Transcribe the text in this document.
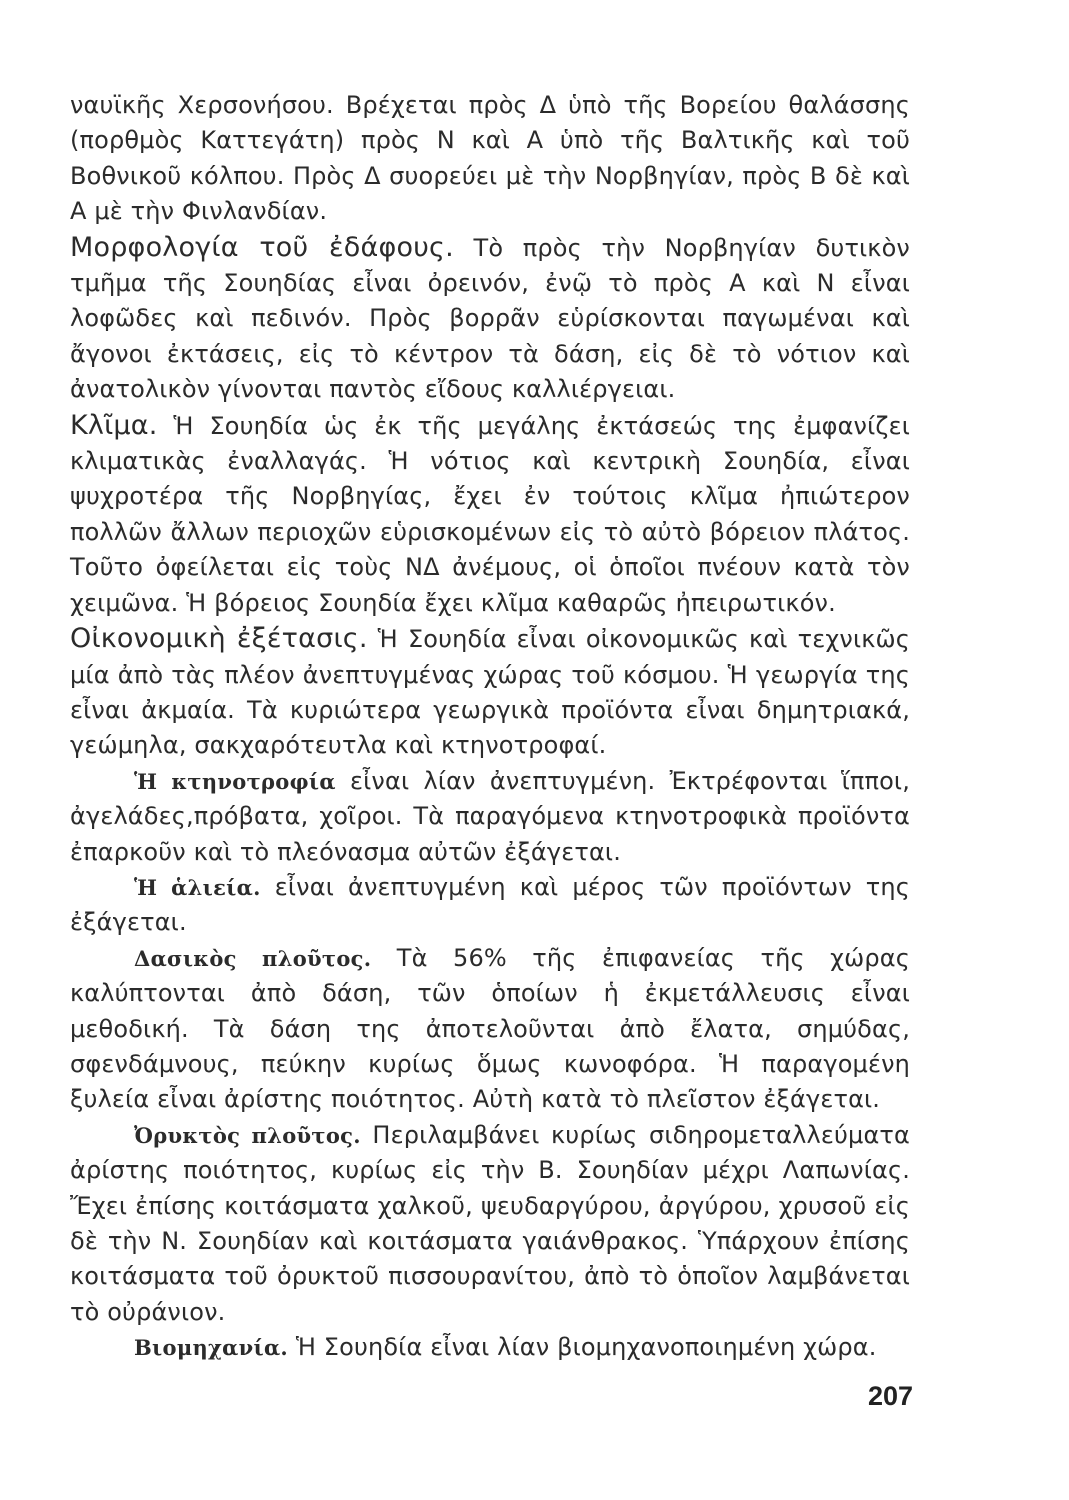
ναυϊκῆς Χερσονήσου. Βρέχεται πρὸς Δ ὑπὸ τῆς Βορείου θαλάσσης (πορθμὸς Καττεγάτη) πρὸς Ν καὶ Α ὑπὸ τῆς Βαλτικῆς καὶ τοῦ Βοθνικοῦ κόλπου. Πρὸς Δ συορεύει μὲ τὴν Νορβηγίαν, πρὸς Β δὲ καὶ Α μὲ τὴν Φινλανδίαν.

Μορφολογία τοῦ ἐδάφους. Τὸ πρὸς τὴν Νορβηγίαν δυτικὸν τμῆμα τῆς Σουηδίας εἶναι ὀρεινόν, ἐνῷ τὸ πρὸς Α καὶ Ν εἶναι λοφῶδες καὶ πεδινόν. Πρὸς βορρᾶν εὑρίσκονται παγωμέναι καὶ ἄγονοι ἐκτάσεις, εἰς τὸ κέντρον τὰ δάση, εἰς δὲ τὸ νότιον καὶ ἀνατολικὸν γίνονται παντὸς εἴδους καλλιέργειαι.

Κλῖμα. Ἡ Σουηδία ὡς ἐκ τῆς μεγάλης ἐκτάσεώς της ἐμφανίζει κλιματικὰς ἐναλλαγάς. Ἡ νότιος καὶ κεντρικὴ Σουηδία, εἶναι ψυχροτέρα τῆς Νορβηγίας, ἔχει ἐν τούτοις κλῖμα ἠπιώτερον πολλῶν ἄλλων περιοχῶν εὑρισκομένων εἰς τὸ αὐτὸ βόρειον πλάτος. Τοῦτο ὀφείλεται εἰς τοὺς ΝΔ ἀνέμους, οἱ ὁποῖοι πνέουν κατὰ τὸν χειμῶνα. Ἡ βόρειος Σουηδία ἔχει κλῖμα καθαρῶς ἠπειρωτικόν.

Οἰκονομικὴ ἐξέτασις. Ἡ Σουηδία εἶναι οἰκονομικῶς καὶ τεχνικῶς μία ἀπὸ τὰς πλέον ἀνεπτυγμένας χώρας τοῦ κόσμου. Ἡ γεωργία της εἶναι ἀκμαία. Τὰ κυριώτερα γεωργικὰ προϊόντα εἶναι δημητριακά, γεώμηλα, σακχαρότευτλα καὶ κτηνοτροφαί.

Ἡ κτηνοτροφία εἶναι λίαν ἀνεπτυγμένη. Ἐκτρέφονται ἵπποι, ἀγελάδες,πρόβατα, χοῖροι. Τὰ παραγόμενα κτηνοτροφικὰ προϊόντα ἐπαρκοῦν καὶ τὸ πλεόνασμα αὐτῶν ἐξάγεται.

Ἡ ἁλιεία. εἶναι ἀνεπτυγμένη καὶ μέρος τῶν προϊόντων της ἐξάγεται.

Δασικὸς πλοῦτος. Τὰ 56% τῆς ἐπιφανείας τῆς χώρας καλύπτονται ἀπὸ δάση, τῶν ὁποίων ἡ ἐκμετάλλευσις εἶναι μεθοδική. Τὰ δάση της ἀποτελοῦνται ἀπὸ ἔλατα, σημύδας, σφενδάμνους, πεύκην κυρίως ὅμως κωνοφόρα. Ἡ παραγομένη ξυλεία εἶναι ἀρίστης ποιότητος. Αὐτὴ κατὰ τὸ πλεῖστον ἐξάγεται.

Ὀρυκτὸς πλοῦτος. Περιλαμβάνει κυρίως σιδηρομεταλλεύματα ἀρίστης ποιότητος, κυρίως εἰς τὴν Β. Σουηδίαν μέχρι Λαπωνίας. Ἔχει ἐπίσης κοιτάσματα χαλκοῦ, ψευδαργύρου, ἀργύρου, χρυσοῦ εἰς δὲ τὴν Ν. Σουηδίαν καὶ κοιτάσματα γαιάνθρακος. Ὑπάρχουν ἐπίσης κοιτάσματα τοῦ ὀρυκτοῦ πισσουρανίτου, ἀπὸ τὸ ὁποῖον λαμβάνεται τὸ οὐράνιον.

Βιομηχανία. Ἡ Σουηδία εἶναι λίαν βιομηχανοποιημένη χώρα.

207
